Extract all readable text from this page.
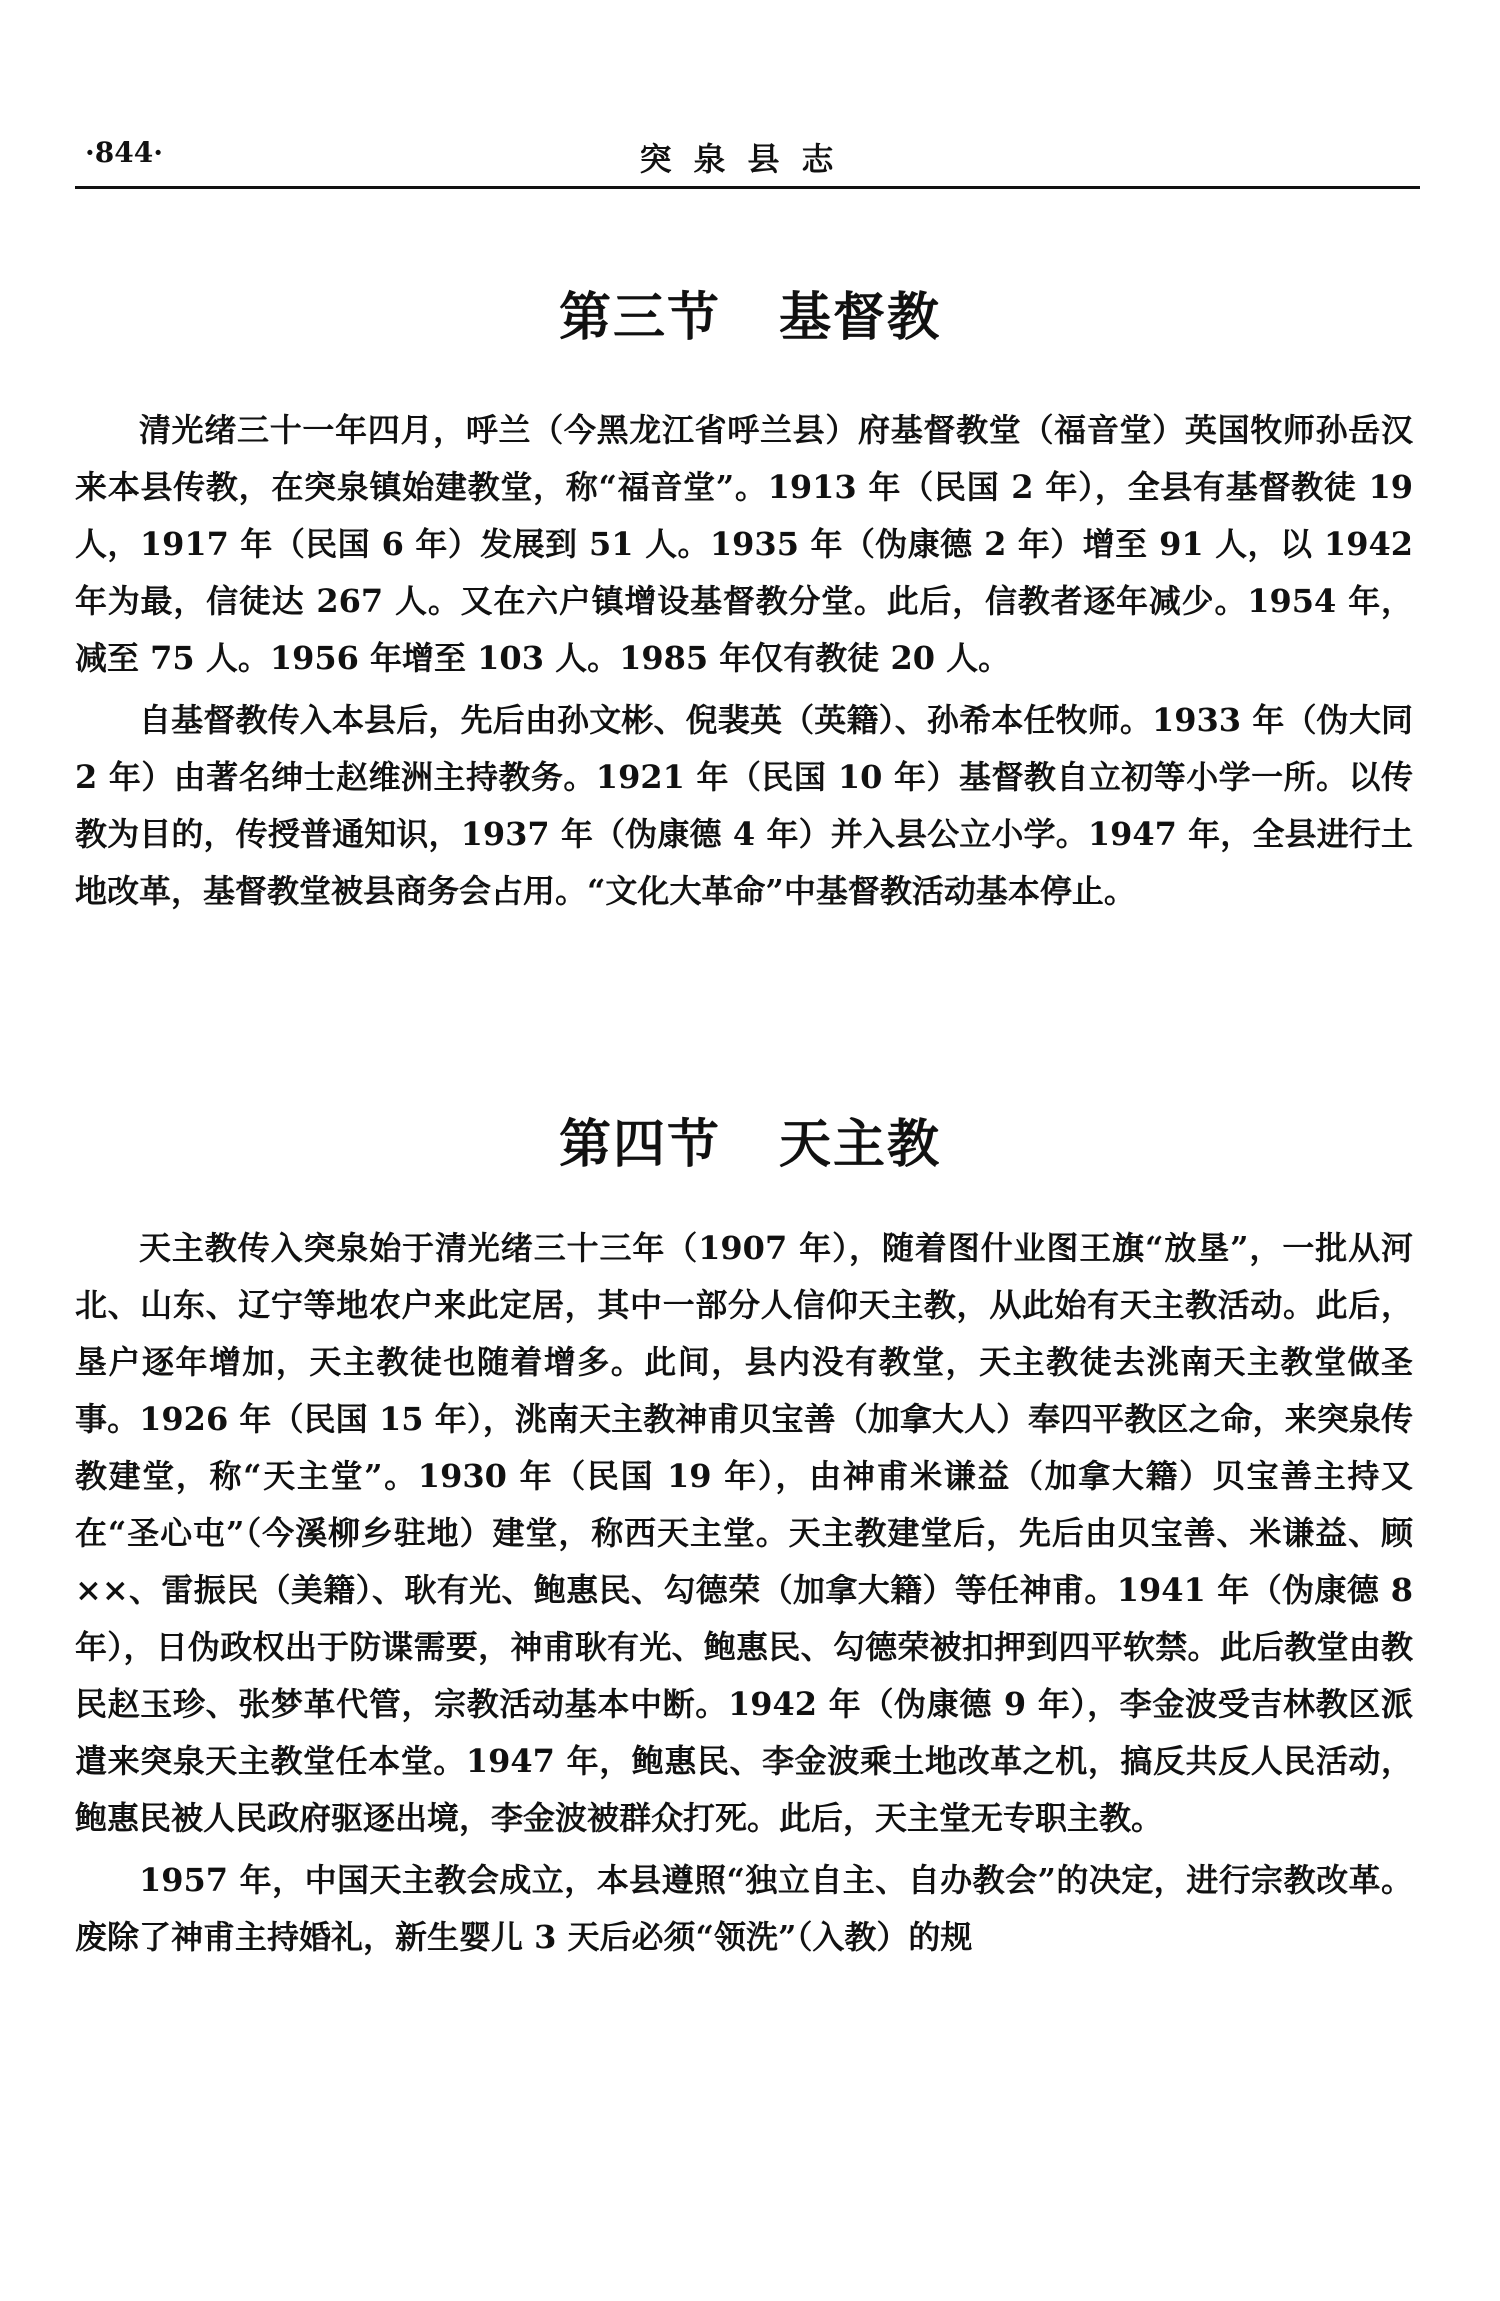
·844·	突泉县志
第三节 基督教

清光绪三十一年四月，呼兰（今黑龙江省呼兰县）府基督教堂（福音堂）英国牧师孙岳汉来本县传教，在突泉镇始建教堂，称“福音堂”。1913 年（民国 2 年），全县有基督教徒 19 人，1917 年（民国 6 年）发展到 51 人。1935 年（伪康德 2 年）增至 91 人，以 1942 年为最，信徒达 267 人。又在六户镇增设基督教分堂。此后，信教者逐年减少。1954 年，减至 75 人。1956 年增至 103 人。1985 年仅有教徒 20 人。

自基督教传入本县后，先后由孙文彬、倪裴英（英籍）、孙希本任牧师。1933 年（伪大同 2 年）由著名绅士赵维洲主持教务。1921 年（民国 10 年）基督教自立初等小学一所。以传教为目的，传授普通知识，1937 年（伪康德 4 年）并入县公立小学。1947 年，全县进行土地改革，基督教堂被县商务会占用。“文化大革命”中基督教活动基本停止。

第四节 天主教

天主教传入突泉始于清光绪三十三年（1907 年），随着图什业图王旗“放垦”，一批从河北、山东、辽宁等地农户来此定居，其中一部分人信仰天主教，从此始有天主教活动。此后，垦户逐年增加，天主教徒也随着增多。此间，县内没有教堂，天主教徒去洮南天主教堂做圣事。1926 年（民国 15 年），洮南天主教神甫贝宝善（加拿大人）奉四平教区之命，来突泉传教建堂，称“天主堂”。1930 年（民国 19 年），由神甫米谦益（加拿大籍）贝宝善主持又在“圣心屯”（今溪柳乡驻地）建堂，称西天主堂。天主教建堂后，先后由贝宝善、米谦益、顾××、雷振民（美籍）、耿有光、鲍惠民、勾德荣（加拿大籍）等任神甫。1941 年（伪康德 8 年），日伪政权出于防谍需要，神甫耿有光、鲍惠民、勾德荣被扣押到四平软禁。此后教堂由教民赵玉珍、张梦革代管，宗教活动基本中断。1942 年（伪康德 9 年），李金波受吉林教区派遣来突泉天主教堂任本堂。1947 年，鲍惠民、李金波乘土地改革之机，搞反共反人民活动，鲍惠民被人民政府驱逐出境，李金波被群众打死。此后，天主堂无专职主教。

1957 年，中国天主教会成立，本县遵照“独立自主、自办教会”的决定，进行宗教改革。废除了神甫主持婚礼，新生婴儿 3 天后必须“领洗”（入教）的规
